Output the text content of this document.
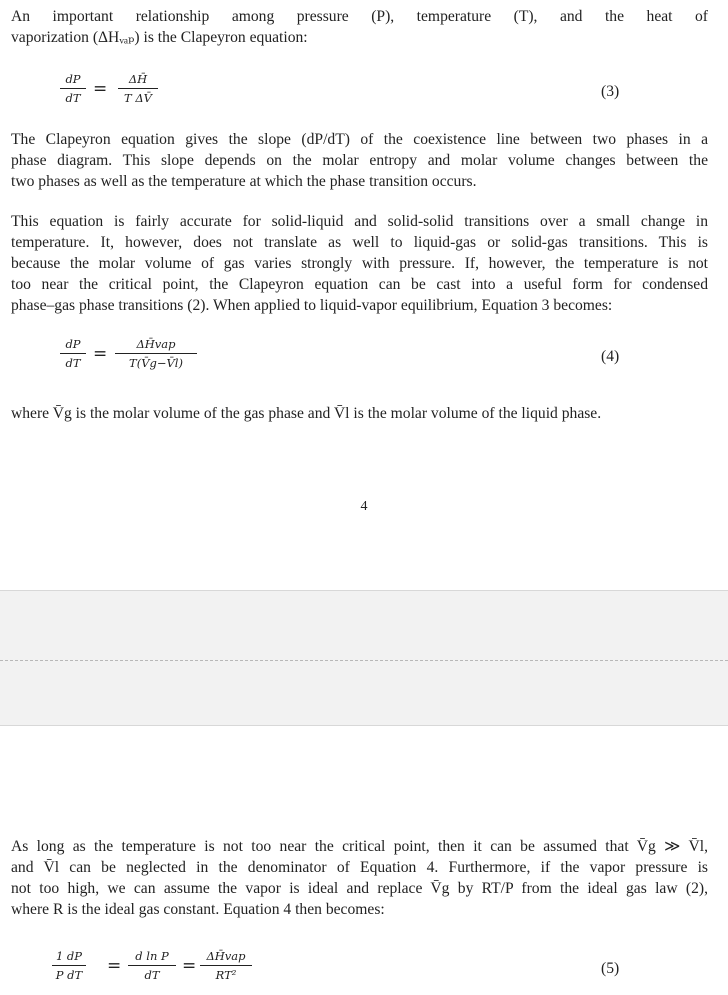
An important relationship among pressure (P), temperature (T), and the heat of
vaporization (ΔHᵥₐₚ) is the Clapeyron equation:

dP
dT =	ΔH̄
T ΔV̄	(3)

The Clapeyron equation gives the slope (dP/dT) of the coexistence line between two phases in a
phase diagram. This slope depends on the molar entropy and molar volume changes between the
two phases as well as the temperature at which the phase transition occurs.

This equation is fairly accurate for solid-liquid and solid-solid transitions over a small change in
temperature. It, however, does not translate as well to liquid-gas or solid-gas transitions. This is
because the molar volume of gas varies strongly with pressure. If, however, the temperature is not
too near the critical point, the Clapeyron equation can be cast into a useful form for condensed
phase–gas phase transitions (2). When applied to liquid-vapor equilibrium, Equation 3 becomes:

dP
dT =	ΔH̄vap
T(V̄g−V̄l)	(4)

where V̄g is the molar volume of the gas phase and V̄l is the molar volume of the liquid phase.

4

As long as the temperature is not too near the critical point, then it can be assumed that V̄g ≫ V̄l,
and V̄l can be neglected in the denominator of Equation 4. Furthermore, if the vapor pressure is
not too high, we can assume the vapor is ideal and replace V̄g by RT/P from the ideal gas law (2),
where R is the ideal gas constant. Equation 4 then becomes:

1 dP
P dT =	d ln P
dT	= ΔH̄vap
RT²	(5)
